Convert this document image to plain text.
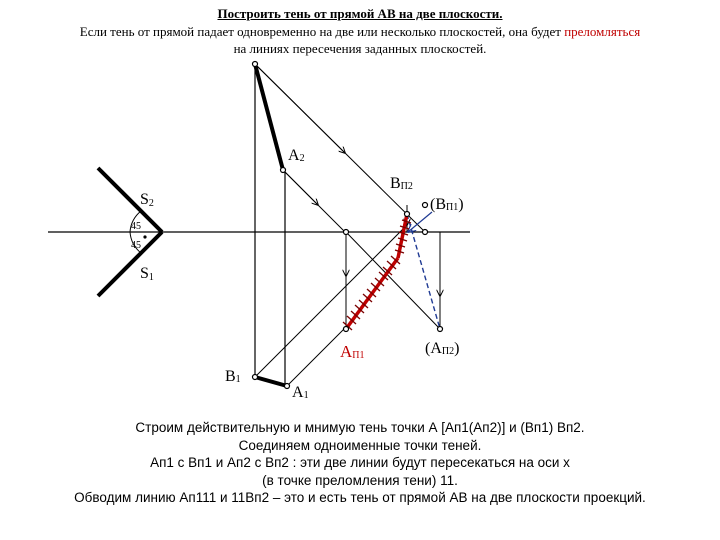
Построить тень от прямой АВ на две плоскости.
Если тень от прямой падает одновременно на две или несколько плоскостей, она будет преломляться
на линиях пересечения заданных плоскостей.
А2
ВП2
(ВП1)
S2
S1
45
45
АП1	(АП2)
В1
А1
Строим действительную и мнимую тень точки А [Ап1(Ап2)] и (Вп1) Вп2.
Соединяем одноименные точки теней.
Ап1 с Вп1 и Ап2 с Вп2 : эти две линии будут пересекаться на оси х
(в точке преломления тени) 11.
Обводим линию Ап111 и 11Вп2 – это и есть тень от прямой АВ на две плоскости проекций.
